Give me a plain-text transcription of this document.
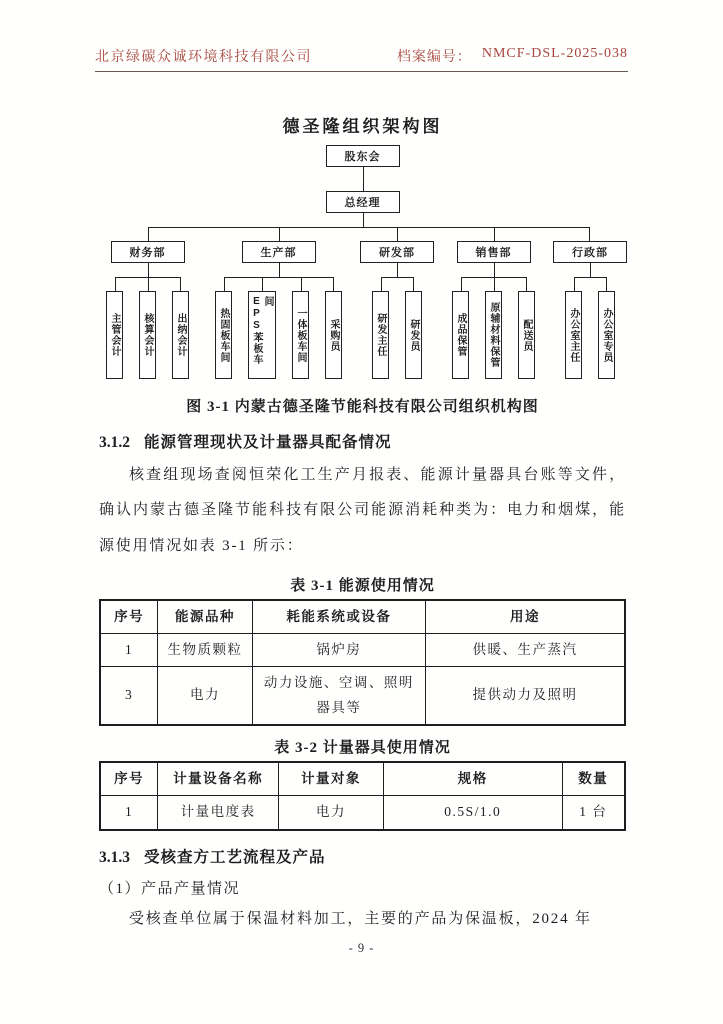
北京绿碳众诚环境科技有限公司	档案编号： NMCF-DSL-2025-038
德圣隆组织架构图
股东会
总经理
财务部
主管会计	核算会计	出纳会计
生产部
热固板车间	EPS苯板车间
一体板车间	采购员
研发部
研发主任	研发员
销售部
成品保管	原辅材料保管	配送员
行政部
办公室主任	办公室专员
图 3-1 内蒙古德圣隆节能科技有限公司组织机构图
3.1.2 能源管理现状及计量器具配备情况

核查组现场查阅恒荣化工生产月报表、能源计量器具台账等文件，确认内蒙古德圣隆节能科技有限公司能源消耗种类为：电力和烟煤，能源使用情况如表 3-1 所示：

表 3-1 能源使用情况
序号	能源品种	耗能系统或设备	用途
1	生物质颗粒	锅炉房	供暖、生产蒸汽
3	电力	动力设施、空调、照明器具等	提供动力及照明
表 3-2 计量器具使用情况
序号	计量设备名称	计量对象	规格	数量
1	计量电度表	电力	0.5S/1.0	1 台
3.1.3 受核查方工艺流程及产品
（1）产品产量情况

受核查单位属于保温材料加工，主要的产品为保温板，2024 年

- 9 -
